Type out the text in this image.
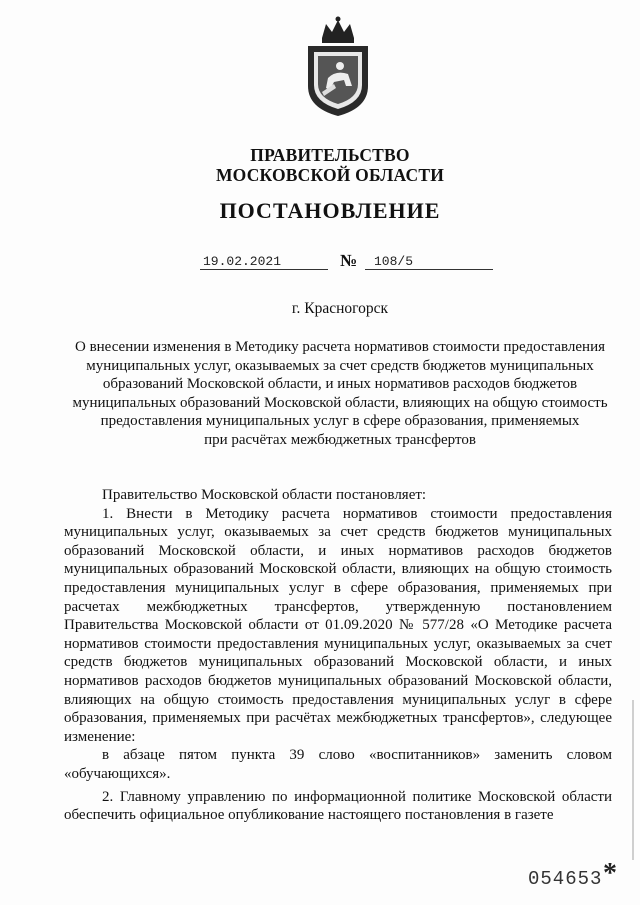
ПРАВИТЕЛЬСТВО
МОСКОВСКОЙ ОБЛАСТИ
ПОСТАНОВЛЕНИЕ
19.02.2021	№ 108/5
г. Красногорск
О внесении изменения в Методику расчета нормативов стоимости предоставления
муниципальных услуг, оказываемых за счет средств бюджетов муниципальных
образований Московской области, и иных нормативов расходов бюджетов
муниципальных образований Московской области, влияющих на общую стоимость
предоставления муниципальных услуг в сфере образования, применяемых
при расчётах межбюджетных трансфертов

Правительство Московской области постановляет:

1. Внести в Методику расчета нормативов стоимости предоставления муниципальных услуг, оказываемых за счет средств бюджетов муниципальных образований Московской области, и иных нормативов расходов бюджетов муниципальных образований Московской области, влияющих на общую стоимость предоставления муниципальных услуг в сфере образования, применяемых при расчетах межбюджетных трансфертов, утвержденную постановлением Правительства Московской области от 01.09.2020 № 577/28 «О Методике расчета нормативов стоимости предоставления муниципальных услуг, оказываемых за счет средств бюджетов муниципальных образований Московской области, и иных нормативов расходов бюджетов муниципальных образований Московской области, влияющих на общую стоимость предоставления муниципальных услуг в сфере образования, применяемых при расчётах межбюджетных трансфертов», следующее изменение:

в абзаце пятом пункта 39 слово «воспитанников» заменить словом «обучающихся».

2. Главному управлению по информационной политике Московской области обеспечить официальное опубликование настоящего постановления в газете

054653 *
